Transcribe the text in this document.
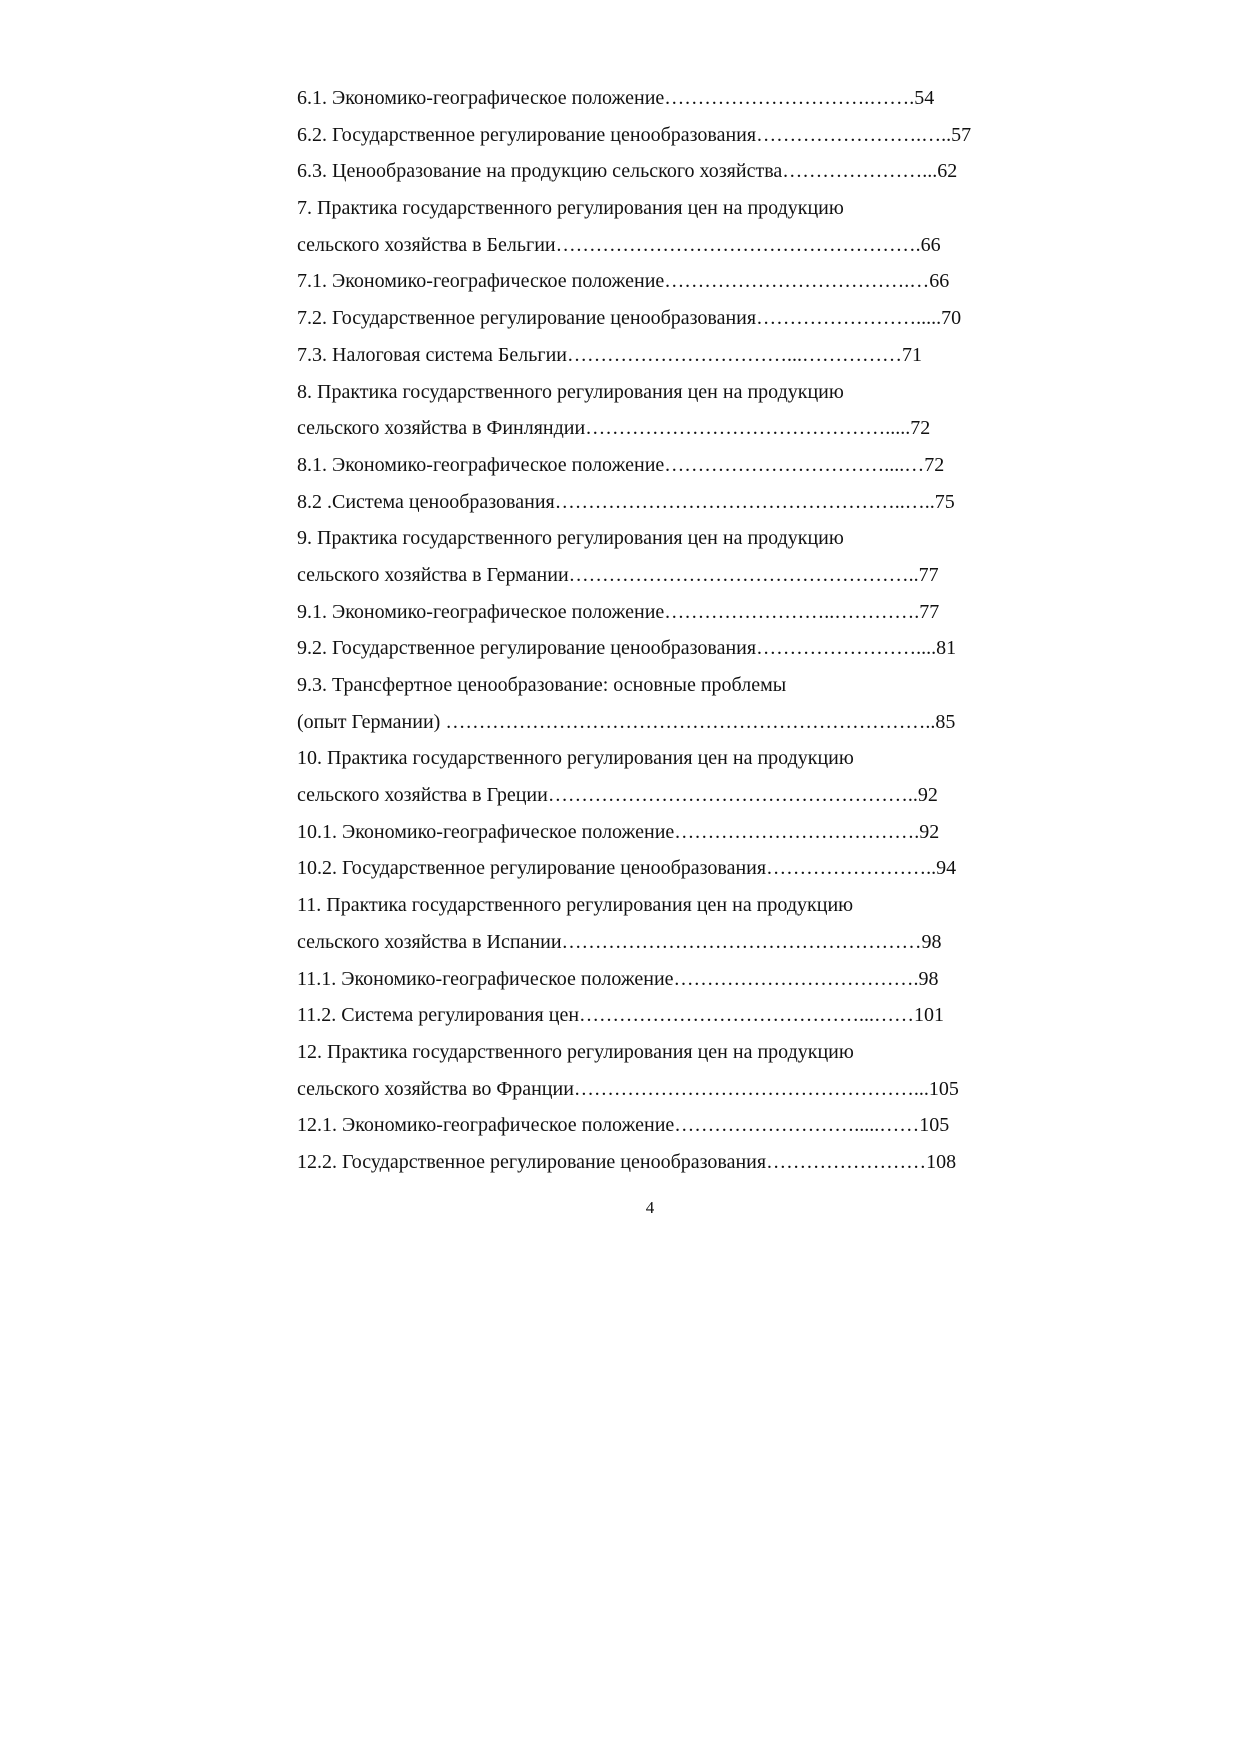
6.1. Экономико-географическое положение………………………….…….54
6.2. Государственное регулирование ценообразования…………………….…..57
6.3. Ценообразование на продукцию сельского хозяйства…………………...62
7. Практика государственного регулирования цен на продукцию
сельского хозяйства в Бельгии……………………………………………….66
7.1. Экономико-географическое положение……………………………….…66
7.2. Государственное регулирование ценообразования…………………….....70
7.3. Налоговая система Бельгии……………………………...……………71
8. Практика государственного регулирования цен на продукцию
сельского хозяйства в Финляндии……………………………………….....72
8.1. Экономико-географическое положение……………………………....…72
8.2 .Система ценообразования……………………………………………..…..75
9. Практика государственного регулирования цен на продукцию
сельского хозяйства в Германии……………………………………………..77
9.1. Экономико-географическое положение……………………..………….77
9.2. Государственное регулирование ценообразования……………………....81
9.3. Трансфертное ценообразование: основные проблемы
(опыт Германии) ………………………………………………………………..85
10. Практика государственного регулирования цен на продукцию
сельского хозяйства в Греции………………………………………………..92
10.1. Экономико-географическое положение……………………………….92
10.2. Государственное регулирование ценообразования……………………..94
11. Практика государственного регулирования цен на продукцию
сельского хозяйства в Испании………………………………………………98
11.1. Экономико-географическое положение……………………………….98
11.2. Система регулирования цен……………………………………...……101
12. Практика государственного регулирования цен на продукцию
сельского хозяйства во Франции……………………………………………...105
12.1. Экономико-географическое положение……………………….....……105
12.2. Государственное регулирование ценообразования……………………108
4
